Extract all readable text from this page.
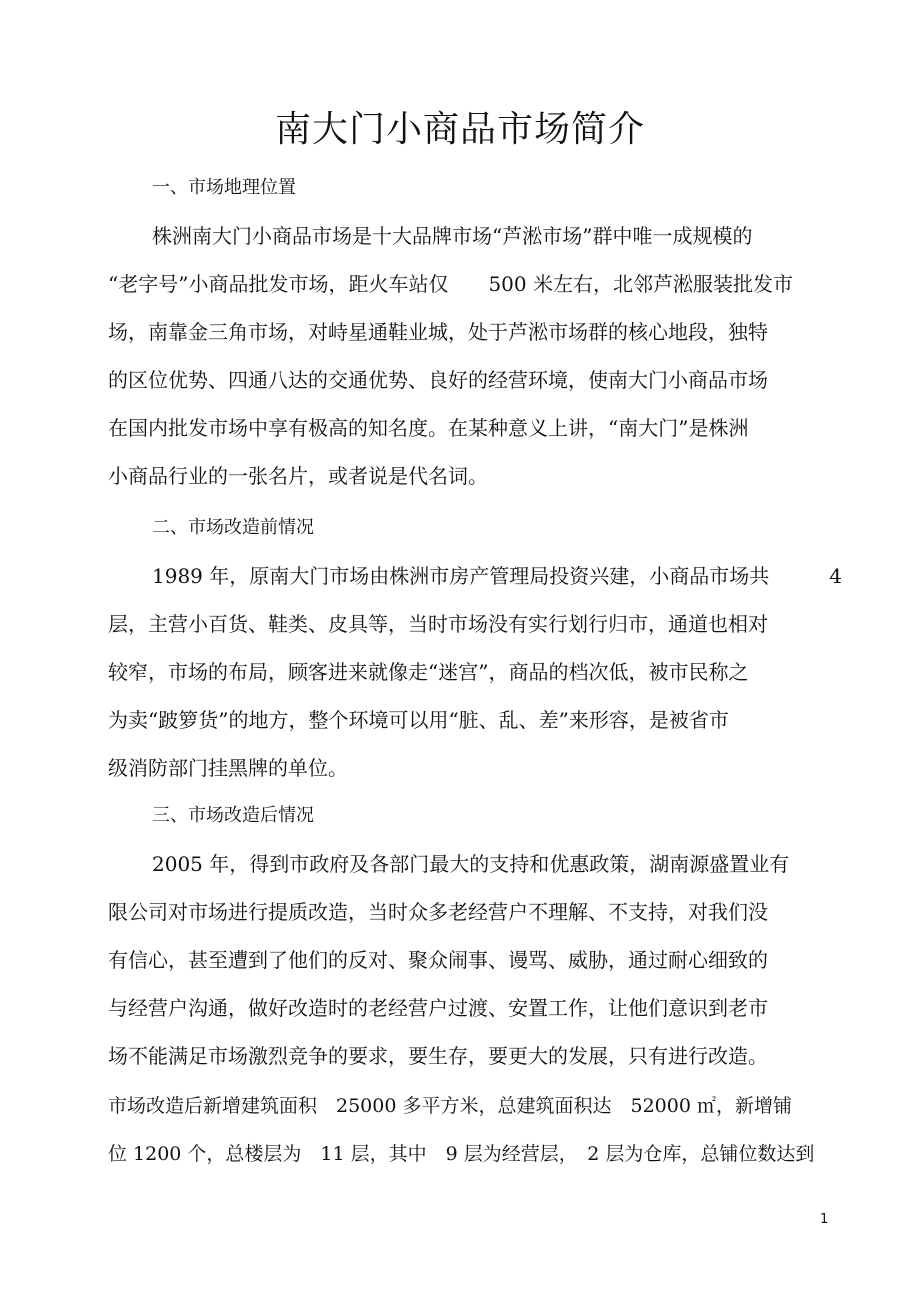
南大门小商品市场简介
一、市场地理位置
株洲南大门小商品市场是十大品牌市场“芦淞市场”群中唯一成规模的
“老字号”小商品批发市场，距火车站仅　　500 米左右，北邻芦淞服装批发市
场，南靠金三角市场，对峙星通鞋业城，处于芦淞市场群的核心地段，独特
的区位优势、四通八达的交通优势、良好的经营环境，使南大门小商品市场
在国内批发市场中享有极高的知名度。在某种意义上讲，“南大门”是株洲
小商品行业的一张名片，或者说是代名词。
二、市场改造前情况
1989 年，原南大门市场由株洲市房产管理局投资兴建，小商品市场共　　　4
层，主营小百货、鞋类、皮具等，当时市场没有实行划行归市，通道也相对
较窄，市场的布局，顾客进来就像走“迷宫”，商品的档次低，被市民称之
为卖“跛箩货”的地方，整个环境可以用“脏、乱、差”来形容，是被省市
级消防部门挂黑牌的单位。
三、市场改造后情况
2005 年，得到市政府及各部门最大的支持和优惠政策，湖南源盛置业有
限公司对市场进行提质改造，当时众多老经营户不理解、不支持，对我们没
有信心，甚至遭到了他们的反对、聚众闹事、谩骂、威胁，通过耐心细致的
与经营户沟通，做好改造时的老经营户过渡、安置工作，让他们意识到老市
场不能满足市场激烈竞争的要求，要生存，要更大的发展，只有进行改造。
市场改造后新增建筑面积　25000 多平方米，总建筑面积达　52000 ㎡，新增铺
位 1200 个，总楼层为　11 层，其中　9 层为经营层，　2 层为仓库，总铺位数达到
1
